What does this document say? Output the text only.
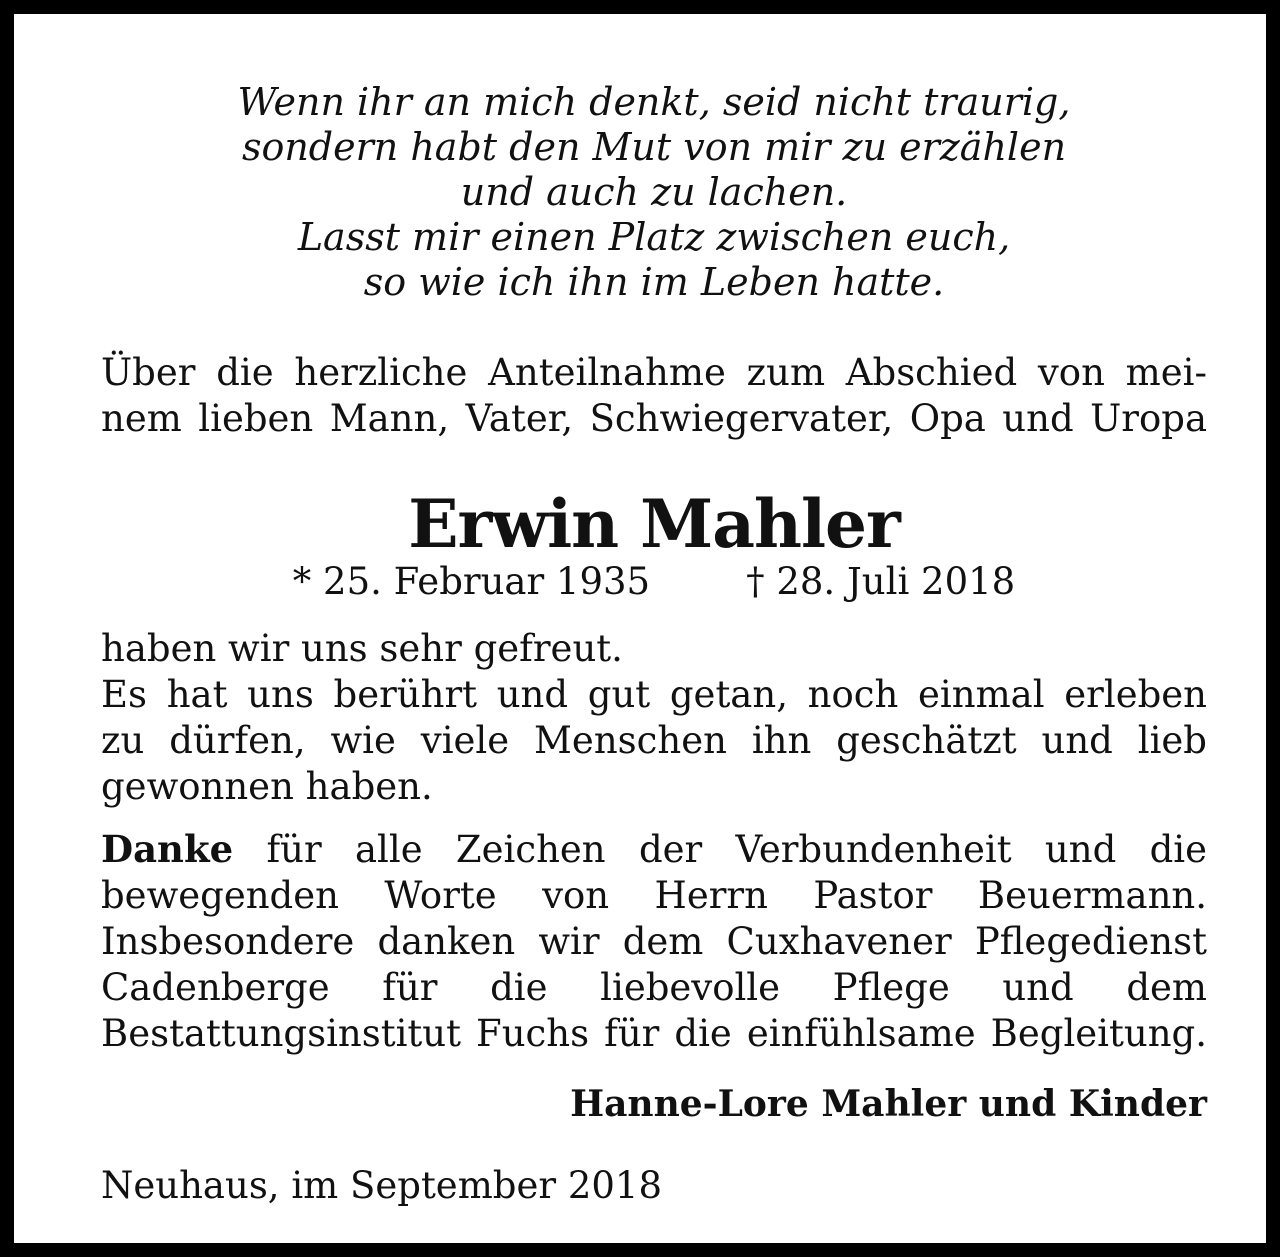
Wenn ihr an mich denkt, seid nicht traurig,
sondern habt den Mut von mir zu erzählen
und auch zu lachen.
Lasst mir einen Platz zwischen euch,
so wie ich ihn im Leben hatte.
Über die herzliche Anteilnahme zum Abschied von mei-
nem lieben Mann, Vater, Schwiegervater, Opa und Uropa
Erwin Mahler
* 25. Februar 1935	† 28. Juli 2018
haben wir uns sehr gefreut.
Es hat uns berührt und gut getan, noch einmal erleben
zu dürfen, wie viele Menschen ihn geschätzt und lieb
gewonnen haben.
Danke für alle Zeichen der Verbundenheit und die
bewegenden Worte von Herrn Pastor Beuermann.
Insbesondere danken wir dem Cuxhavener Pflegedienst
Cadenberge für die liebevolle Pflege und dem
Bestattungsinstitut Fuchs für die einfühlsame Begleitung.
Hanne-Lore Mahler und Kinder
Neuhaus, im September 2018
